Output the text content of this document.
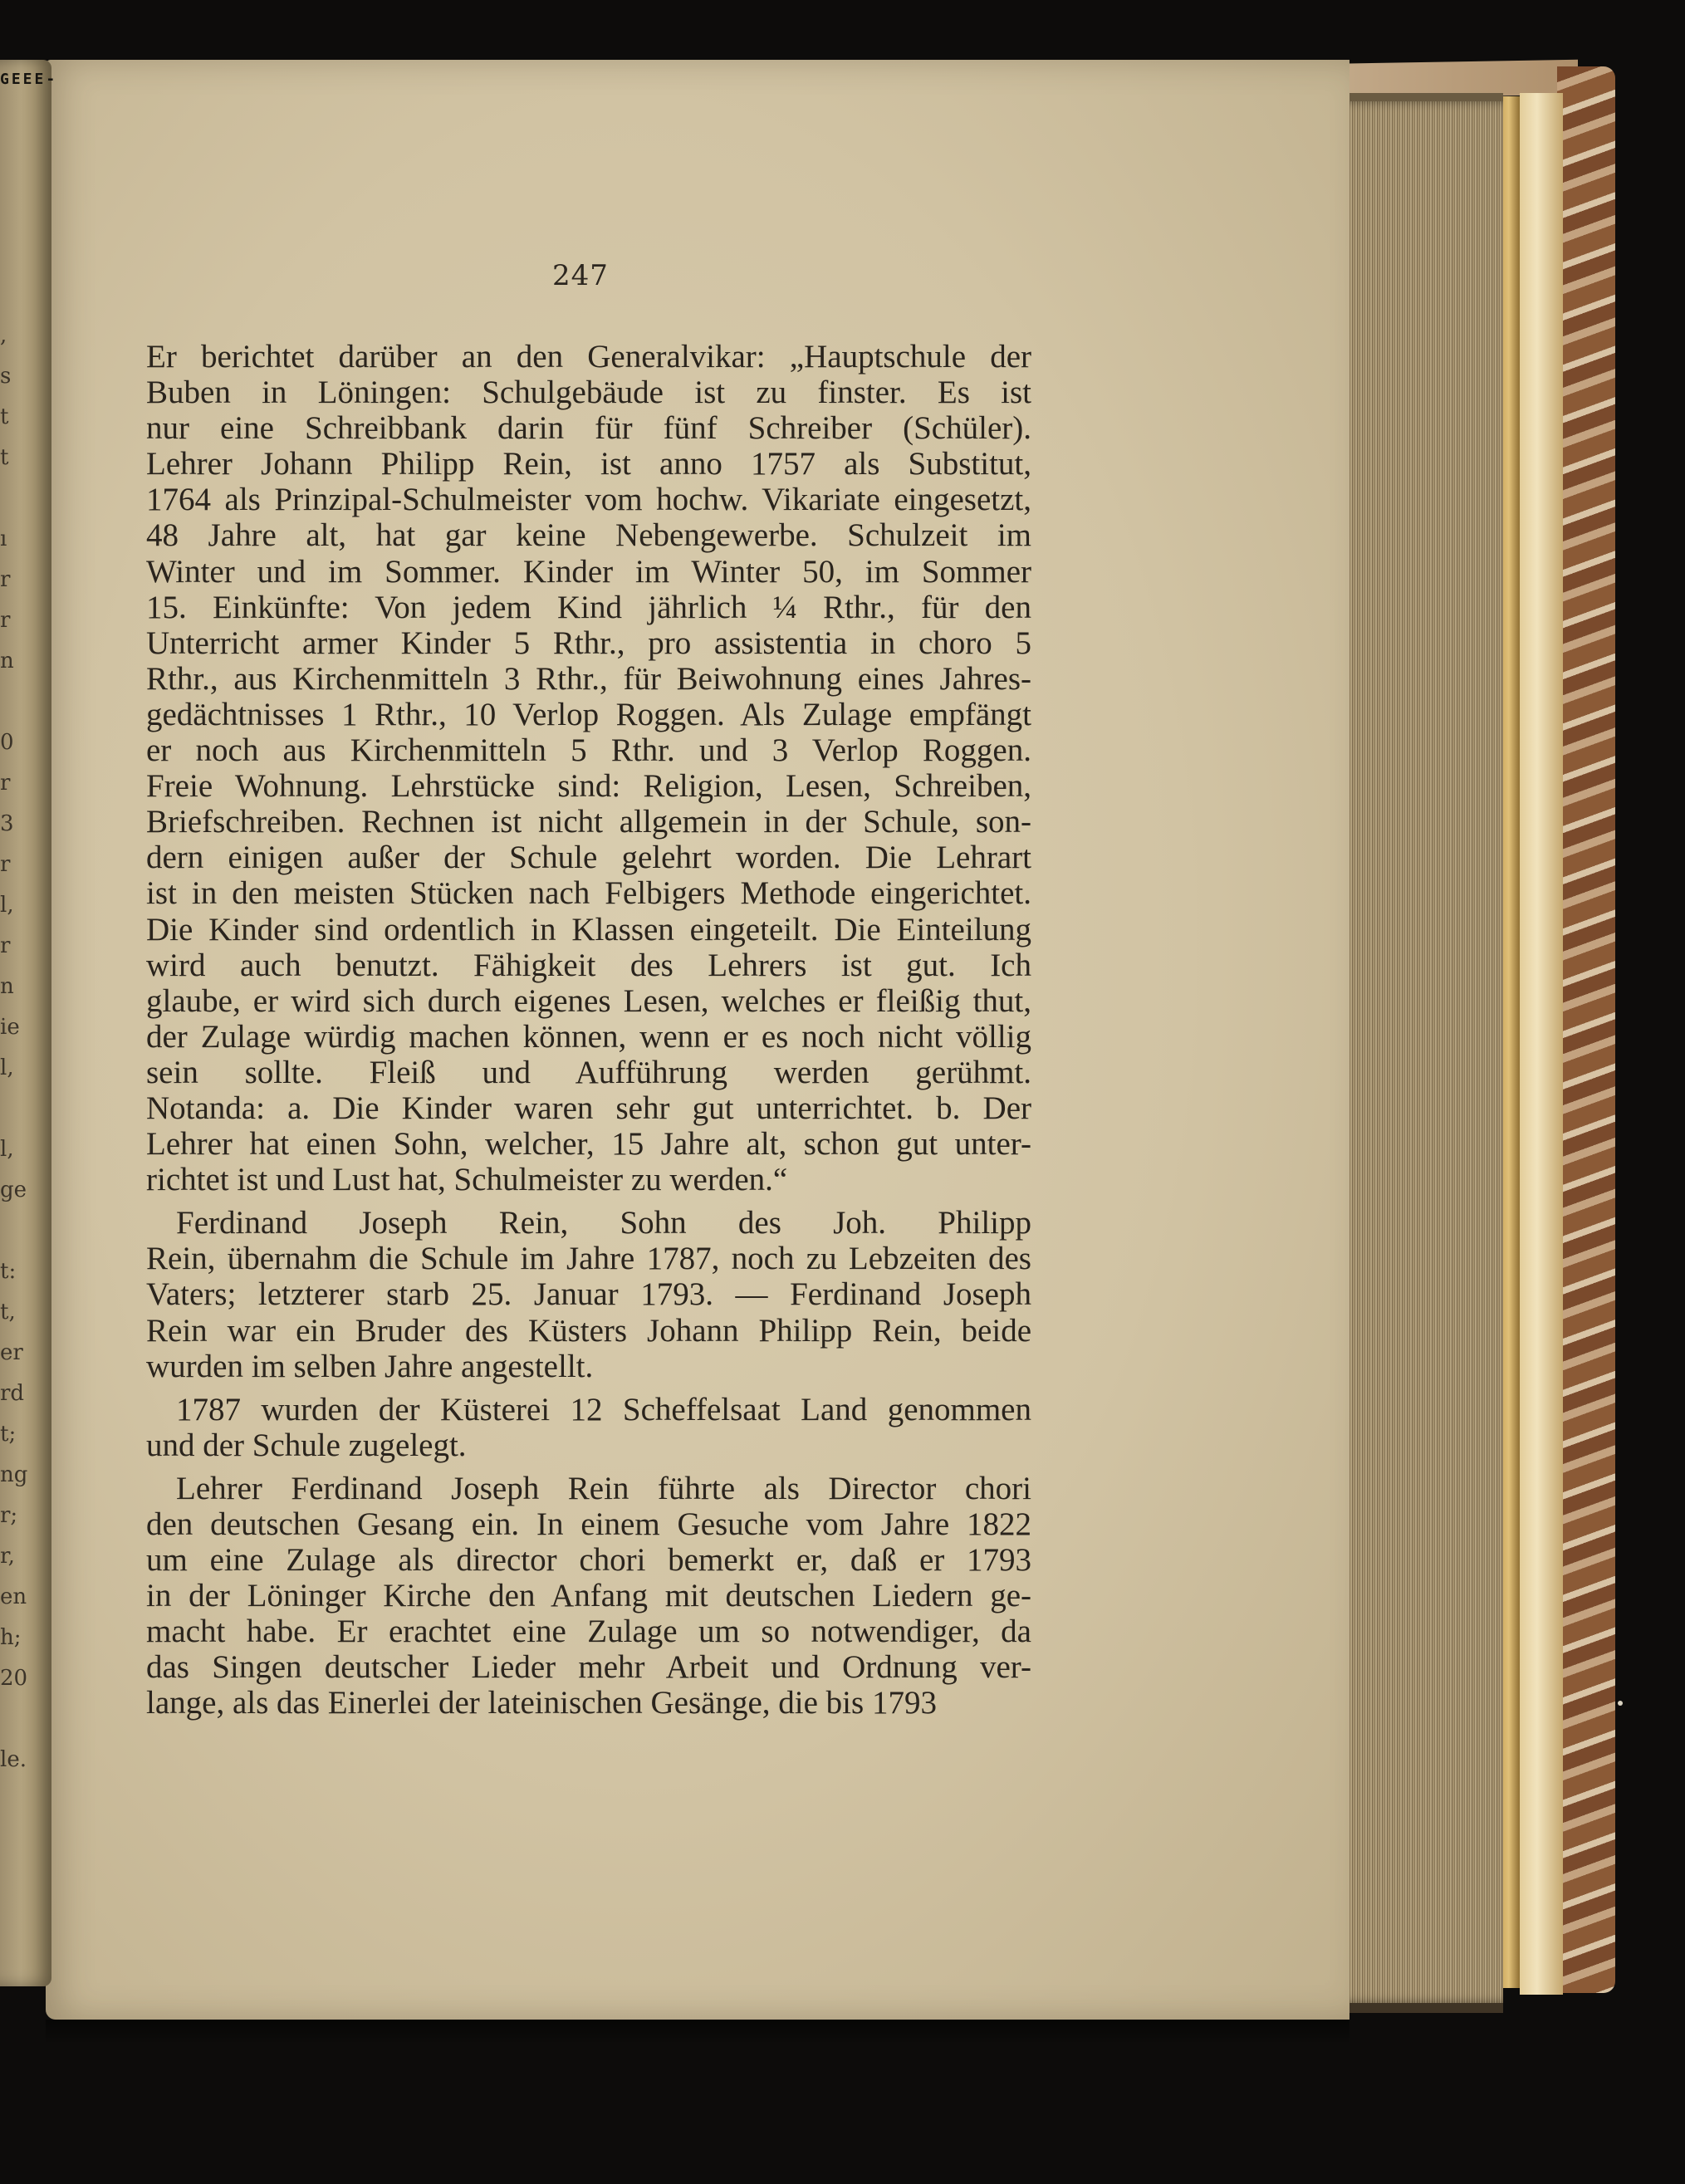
,
s
t
t
ı
r
r
n
0
r
3
r
l,
r
n
ie
l,
l,
ge
t:
t,
er
rd
t;
ng
r;
r,
en
h;
20
le.
GEEE-
247
Er berichtet darüber an den Generalvikar: „Hauptschule der
Buben in Löningen: Schulgebäude ist zu finster. Es ist
nur eine Schreibbank darin für fünf Schreiber (Schüler).
Lehrer Johann Philipp Rein, ist anno 1757 als Substitut,
1764 als Prinzipal-Schulmeister vom hochw. Vikariate eingesetzt,
48 Jahre alt, hat gar keine Nebengewerbe. Schulzeit im
Winter und im Sommer. Kinder im Winter 50, im Sommer
15. Einkünfte: Von jedem Kind jährlich ¼ Rthr., für den
Unterricht armer Kinder 5 Rthr., pro assistentia in choro 5
Rthr., aus Kirchenmitteln 3 Rthr., für Beiwohnung eines Jahres-
gedächtnisses 1 Rthr., 10 Verlop Roggen. Als Zulage empfängt
er noch aus Kirchenmitteln 5 Rthr. und 3 Verlop Roggen.
Freie Wohnung. Lehrstücke sind: Religion, Lesen, Schreiben,
Briefschreiben. Rechnen ist nicht allgemein in der Schule, son-
dern einigen außer der Schule gelehrt worden. Die Lehrart
ist in den meisten Stücken nach Felbigers Methode eingerichtet.
Die Kinder sind ordentlich in Klassen eingeteilt. Die Einteilung
wird auch benutzt. Fähigkeit des Lehrers ist gut. Ich
glaube, er wird sich durch eigenes Lesen, welches er fleißig thut,
der Zulage würdig machen können, wenn er es noch nicht völlig
sein sollte. Fleiß und Aufführung werden gerühmt.
Notanda: a. Die Kinder waren sehr gut unterrichtet. b. Der
Lehrer hat einen Sohn, welcher, 15 Jahre alt, schon gut unter-
richtet ist und Lust hat, Schulmeister zu werden.“
Ferdinand Joseph Rein, Sohn des Joh. Philipp
Rein, übernahm die Schule im Jahre 1787, noch zu Lebzeiten des
Vaters; letzterer starb 25. Januar 1793. — Ferdinand Joseph
Rein war ein Bruder des Küsters Johann Philipp Rein, beide
wurden im selben Jahre angestellt.
1787 wurden der Küsterei 12 Scheffelsaat Land genommen
und der Schule zugelegt.
Lehrer Ferdinand Joseph Rein führte als Director chori
den deutschen Gesang ein. In einem Gesuche vom Jahre 1822
um eine Zulage als director chori bemerkt er, daß er 1793
in der Löninger Kirche den Anfang mit deutschen Liedern ge-
macht habe. Er erachtet eine Zulage um so notwendiger, da
das Singen deutscher Lieder mehr Arbeit und Ordnung ver-
lange, als das Einerlei der lateinischen Gesänge, die bis 1793
